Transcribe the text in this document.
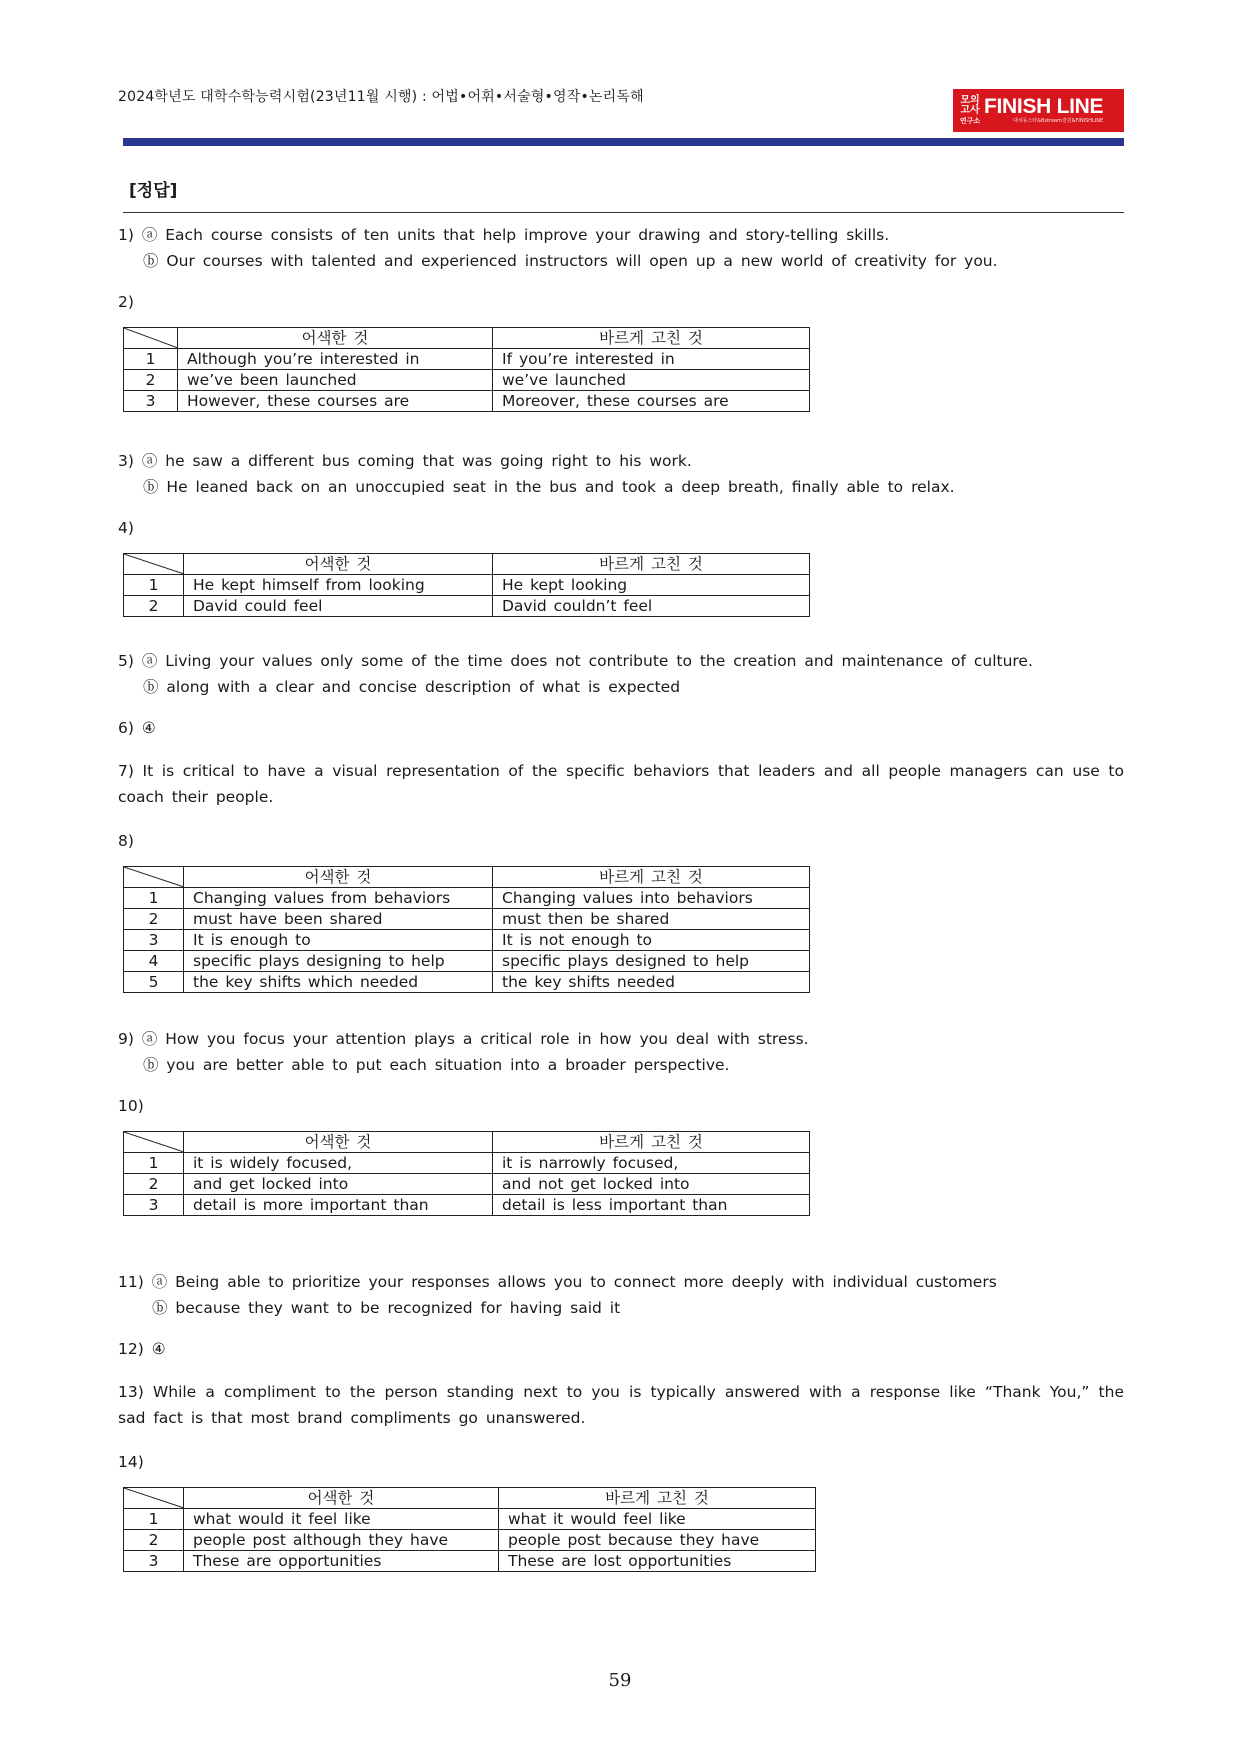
2024학년도 대학수학능력시험(23년11월 시행) : 어법•어휘•서술형•영작•논리독해	모의
고사
연구소
FINISH LINE
대치동스타&Bstream결원&FINISHLINE
[정답]
1) ⓐ Each course consists of ten units that help improve your drawing and story-telling skills.
ⓑ Our courses with talented and experienced instructors will open up a new world of creativity for you.
2)
	어색한 것	바르게 고친 것
1	Although you’re interested in	If you’re interested in
2	we’ve been launched	we’ve launched
3	However, these courses are	Moreover, these courses are
3) ⓐ he saw a different bus coming that was going right to his work.
ⓑ He leaned back on an unoccupied seat in the bus and took a deep breath, finally able to relax.
4)
	어색한 것	바르게 고친 것
1	He kept himself from looking	He kept looking
2	David could feel	David couldn’t feel
5) ⓐ Living your values only some of the time does not contribute to the creation and maintenance of culture.
ⓑ along with a clear and concise description of what is expected
6) ④
7) It is critical to have a visual representation of the specific behaviors that leaders and all people managers can use to coach their people.
8)
	어색한 것	바르게 고친 것
1	Changing values from behaviors	Changing values into behaviors
2	must have been shared	must then be shared
3	It is enough to	It is not enough to
4	specific plays designing to help	specific plays designed to help
5	the key shifts which needed	the key shifts needed
9) ⓐ How you focus your attention plays a critical role in how you deal with stress.
ⓑ you are better able to put each situation into a broader perspective.
10)
	어색한 것	바르게 고친 것
1	it is widely focused,	it is narrowly focused,
2	and get locked into	and not get locked into
3	detail is more important than	detail is less important than
11) ⓐ Being able to prioritize your responses allows you to connect more deeply with individual customers
ⓑ because they want to be recognized for having said it
12) ④
13) While a compliment to the person standing next to you is typically answered with a response like “Thank You,” the sad fact is that most brand compliments go unanswered.
14)
	어색한 것	바르게 고친 것
1	what would it feel like	what it would feel like
2	people post although they have	people post because they have
3	These are opportunities	These are lost opportunities
59
